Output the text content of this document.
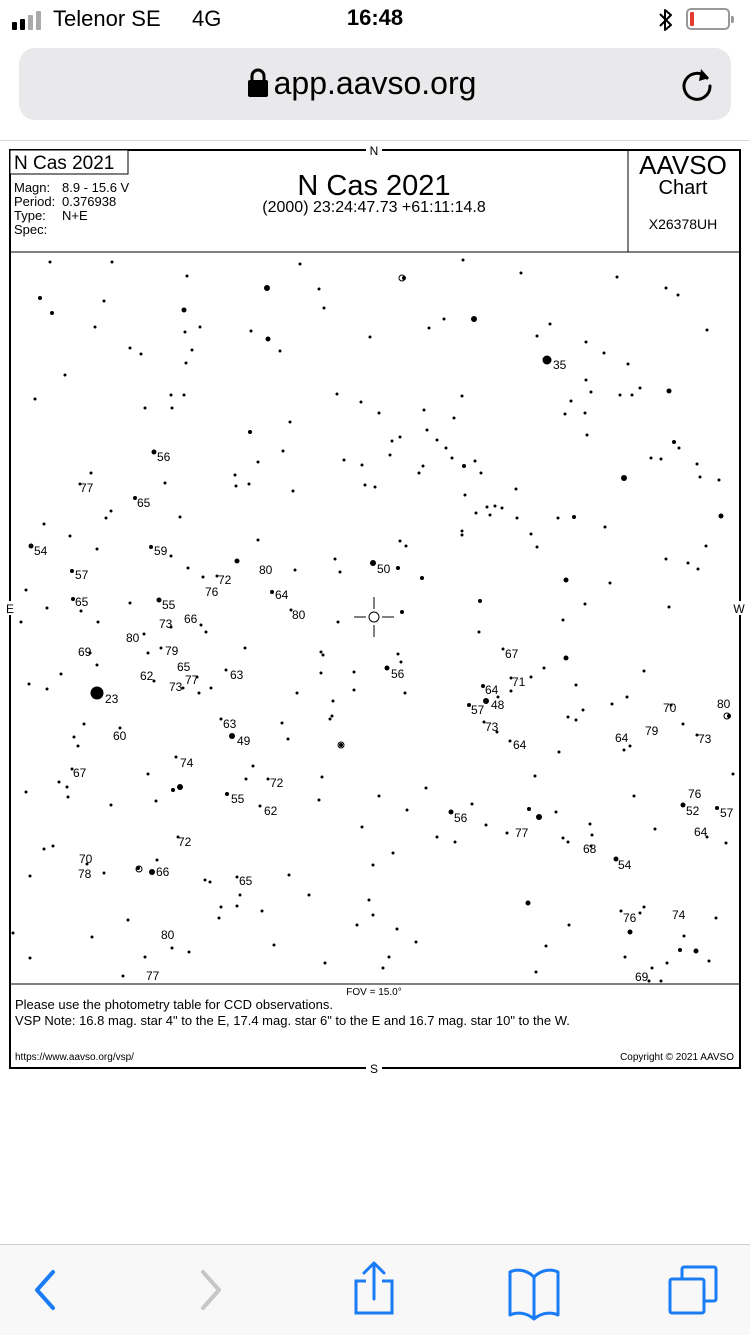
Telenor SE 4G	16:48
app.aavso.org
N Cas 2021
Magn: 8.9 - 15.6 V
Period: 0.376938
Type: N+E
Spec:
N Cas 2021
(2000) 23:24:47.73 +61:11:14.8
AAVSO
Chart
X26378UH
N
S
E	W
35
56
77
65
54	59
57	72
76
80	50
64
65	55
73 66
80
80
79
69
65
62	77
73
63	56
67
71
64
48
57
23
73
70
79
73
80
63
60	49	64	64
67
74
72
55
62	56
77
76
52 57
64
68
54
72
70
78	66
65
76	74
80
77	69
FOV = 15.0°
Please use the photometry table for CCD observations.
VSP Note: 16.8 mag. star 4" to the E, 17.4 mag. star 6" to the E and 16.7 mag. star 10" to the W.
https://www.aavso.org/vsp/	Copyright © 2021 AAVSO
